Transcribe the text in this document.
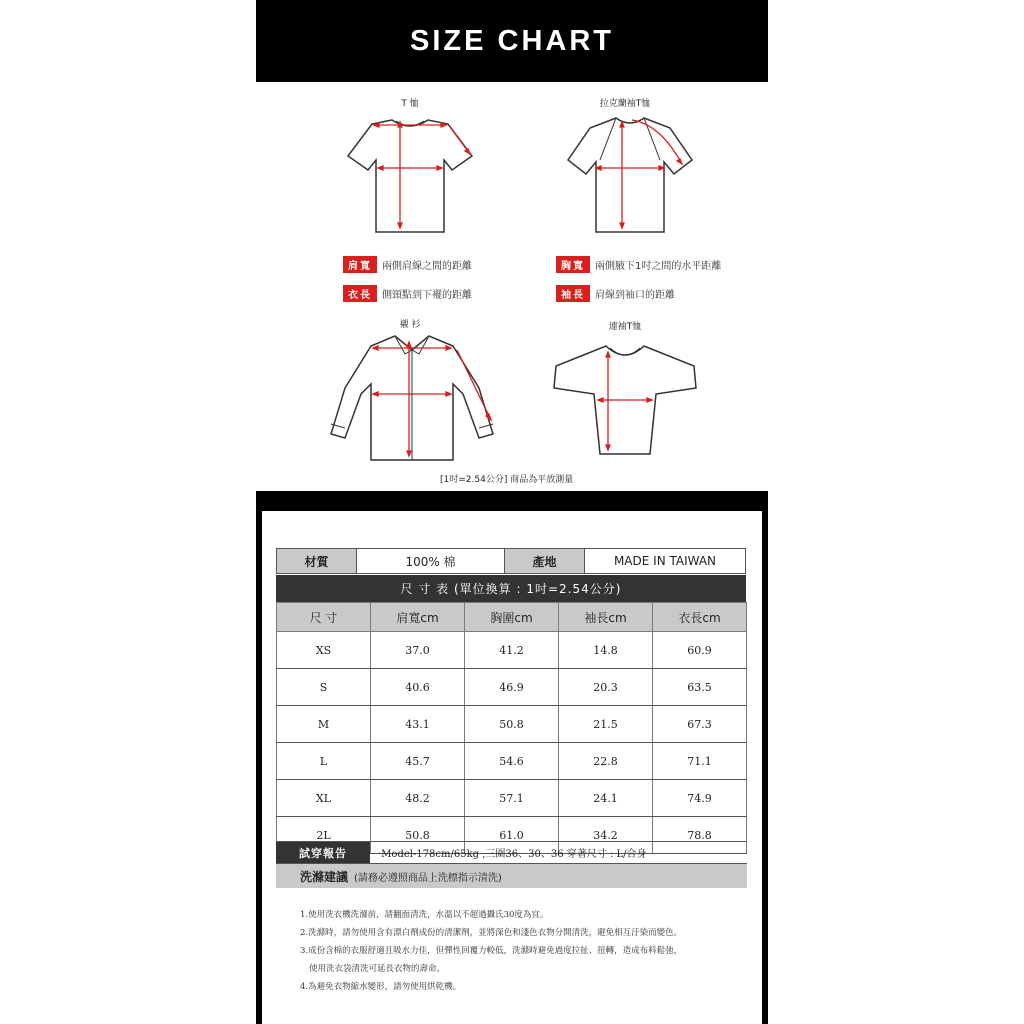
SIZE CHART
T 恤	拉克蘭袖T恤
襯 衫	連袖T恤
肩寬	兩側肩線之間的距離	胸寬	兩側腋下1吋之間的水平距離
衣長	側頸點到下襬的距離	袖長	肩線到袖口的距離
[1吋=2.54公分] 商品為平放測量
材質	100% 棉	產地	MADE IN TAIWAN
尺 寸 表 (單位換算 : 1吋=2.54公分)
尺 寸	肩寬cm	胸圍cm	袖長cm	衣長cm
XS	37.0	41.2	14.8	60.9
S	40.6	46.9	20.3	63.5
M	43.1	50.8	21.5	67.3
L	45.7	54.6	22.8	71.1
XL	48.2	57.1	24.1	74.9
2L	50.8	61.0	34.2	78.8
試穿報告	‧Model-178cm/65kg ,三圍36、30、36 穿著尺寸 : L/合身
洗滌建議 (請務必遵照商品上洗標指示清洗)
1.使用洗衣機洗滌前，請翻面清洗，水溫以不超過攝氏30度為宜。
2.洗滌時，請勿使用含有漂白劑成份的清潔劑，並將深色和淺色衣物分開清洗，避免相互汙染而變色。
3.成份含棉的衣服舒適且吸水力佳，但彈性回覆力較低，洗滌時避免過度拉扯、扭轉，造成布料鬆弛，
使用洗衣袋清洗可延長衣物的壽命。
4.為避免衣物縮水變形，請勿使用烘乾機。
